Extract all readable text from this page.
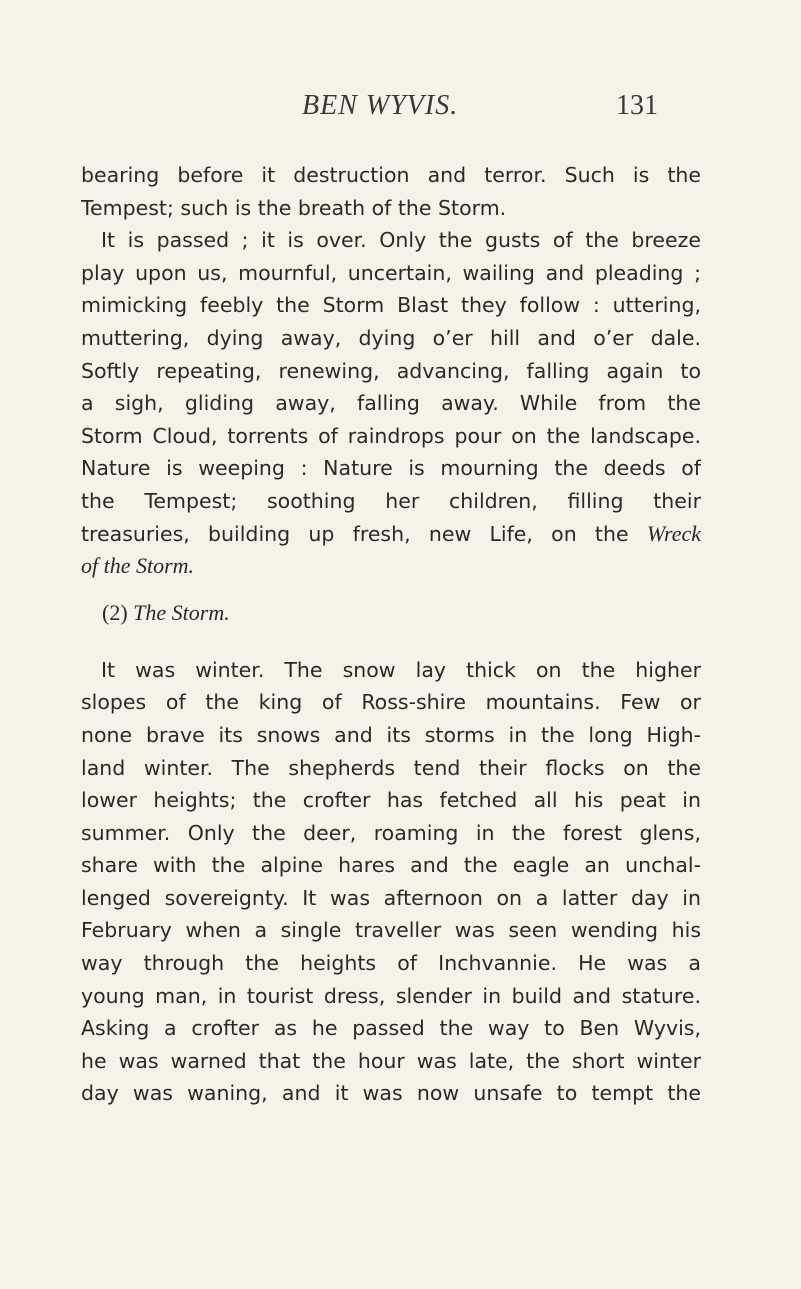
BEN WYVIS.	131
bearing before it destruction and terror. Such is the
Tempest; such is the breath of the Storm.
It is passed ; it is over. Only the gusts of the breeze
play upon us, mournful, uncertain, wailing and pleading ;
mimicking feebly the Storm Blast they follow : uttering,
muttering, dying away, dying o’er hill and o’er dale.
Softly repeating, renewing, advancing, falling again to
a sigh, gliding away, falling away. While from the
Storm Cloud, torrents of raindrops pour on the landscape.
Nature is weeping : Nature is mourning the deeds of
the Tempest; soothing her children, filling their
treasuries, building up fresh, new Life, on the Wreck
of the Storm.
(2) The Storm.
It was winter. The snow lay thick on the higher
slopes of the king of Ross-shire mountains. Few or
none brave its snows and its storms in the long High-
land winter. The shepherds tend their flocks on the
lower heights; the crofter has fetched all his peat in
summer. Only the deer, roaming in the forest glens,
share with the alpine hares and the eagle an unchal-
lenged sovereignty. It was afternoon on a latter day in
February when a single traveller was seen wending his
way through the heights of Inchvannie. He was a
young man, in tourist dress, slender in build and stature.
Asking a crofter as he passed the way to Ben Wyvis,
he was warned that the hour was late, the short winter
day was waning, and it was now unsafe to tempt the
